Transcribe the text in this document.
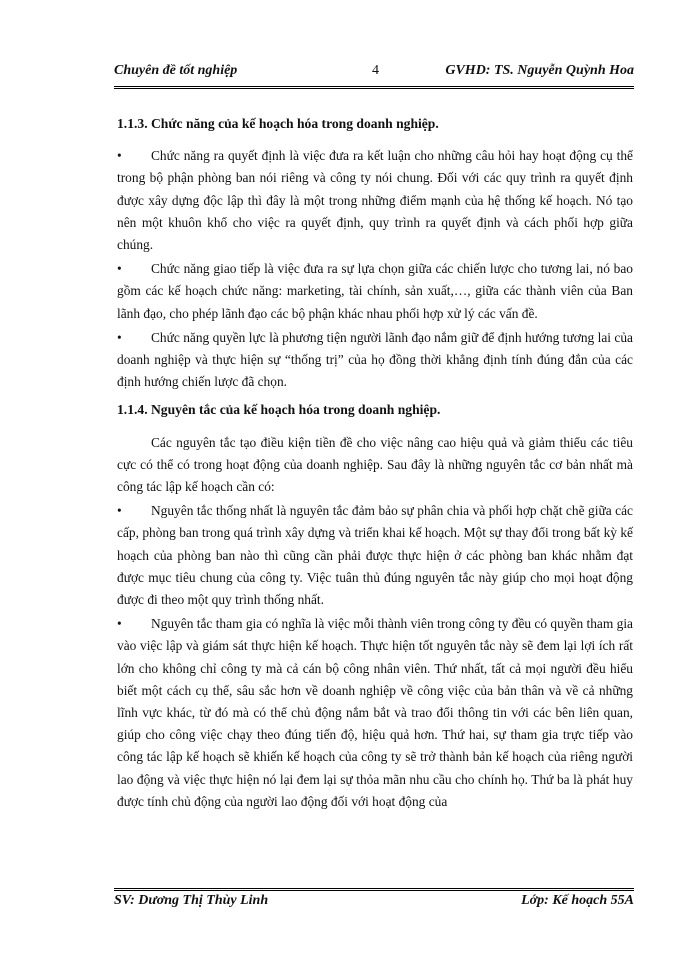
Chuyên đề tốt nghiệp	4	GVHD: TS. Nguyễn Quỳnh Hoa

1.1.3. Chức năng của kế hoạch hóa trong doanh nghiệp.

• Chức năng ra quyết định là việc đưa ra kết luận cho những câu hỏi hay hoạt động cụ thể trong bộ phận phòng ban nói riêng và công ty nói chung. Đối với các quy trình ra quyết định được xây dựng độc lập thì đây là một trong những điểm mạnh của hệ thống kế hoạch. Nó tạo nên một khuôn khổ cho việc ra quyết định, quy trình ra quyết định và cách phối hợp giữa chúng.

• Chức năng giao tiếp là việc đưa ra sự lựa chọn giữa các chiến lược cho tương lai, nó bao gồm các kế hoạch chức năng: marketing, tài chính, sản xuất,…, giữa các thành viên của Ban lãnh đạo, cho phép lãnh đạo các bộ phận khác nhau phối hợp xử lý các vấn đề.

• Chức năng quyền lực là phương tiện người lãnh đạo nắm giữ để định hướng tương lai của doanh nghiệp và thực hiện sự “thống trị” của họ đồng thời khẳng định tính đúng đắn của các định hướng chiến lược đã chọn.

1.1.4. Nguyên tắc của kế hoạch hóa trong doanh nghiệp.

Các nguyên tắc tạo điều kiện tiền đề cho việc nâng cao hiệu quả và giảm thiểu các tiêu cực có thể có trong hoạt động của doanh nghiệp. Sau đây là những nguyên tắc cơ bản nhất mà công tác lập kế hoạch cần có:

• Nguyên tắc thống nhất là nguyên tắc đảm bảo sự phân chia và phối hợp chặt chẽ giữa các cấp, phòng ban trong quá trình xây dựng và triển khai kế hoạch. Một sự thay đổi trong bất kỳ kế hoạch của phòng ban nào thì cũng cần phải được thực hiện ở các phòng ban khác nhằm đạt được mục tiêu chung của công ty. Việc tuân thủ đúng nguyên tắc này giúp cho mọi hoạt động được đi theo một quy trình thống nhất.

• Nguyên tắc tham gia có nghĩa là việc mỗi thành viên trong công ty đều có quyền tham gia vào việc lập và giám sát thực hiện kế hoạch. Thực hiện tốt nguyên tắc này sẽ đem lại lợi ích rất lớn cho không chỉ công ty mà cả cán bộ công nhân viên. Thứ nhất, tất cả mọi người đều hiểu biết một cách cụ thể, sâu sắc hơn về doanh nghiệp về công việc của bản thân và về cả những lĩnh vực khác, từ đó mà có thể chủ động nắm bắt và trao đổi thông tin với các bên liên quan, giúp cho công việc chạy theo đúng tiến độ, hiệu quả hơn. Thứ hai, sự tham gia trực tiếp vào công tác lập kế hoạch sẽ khiến kế hoạch của công ty sẽ trở thành bản kế hoạch của riêng người lao động và việc thực hiện nó lại đem lại sự thỏa mãn nhu cầu cho chính họ. Thứ ba là phát huy được tính chủ động của người lao động đối với hoạt động của

SV: Dương Thị Thùy Linh	Lớp: Kế hoạch 55A
